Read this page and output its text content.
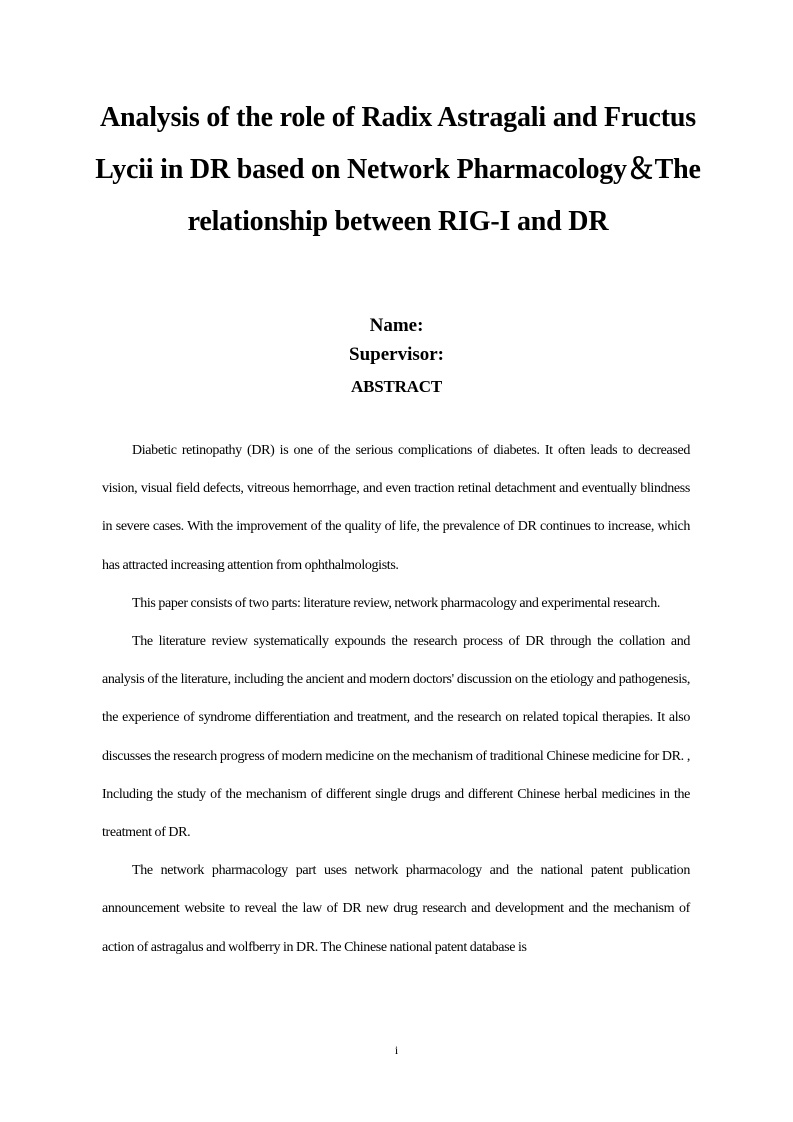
Analysis of the role of Radix Astragali and Fructus Lycii in DR based on Network Pharmacology＆The relationship between RIG-I and DR

Name:

Supervisor:

ABSTRACT

Diabetic retinopathy (DR) is one of the serious complications of diabetes. It often leads to decreased vision, visual field defects, vitreous hemorrhage, and even traction retinal detachment and eventually blindness in severe cases. With the improvement of the quality of life, the prevalence of DR continues to increase, which has attracted increasing attention from ophthalmologists.

This paper consists of two parts: literature review, network pharmacology and experimental research.

The literature review systematically expounds the research process of DR through the collation and analysis of the literature, including the ancient and modern doctors' discussion on the etiology and pathogenesis, the experience of syndrome differentiation and treatment, and the research on related topical therapies. It also discusses the research progress of modern medicine on the mechanism of traditional Chinese medicine for DR. , Including the study of the mechanism of different single drugs and different Chinese herbal medicines in the treatment of DR.

The network pharmacology part uses network pharmacology and the national patent publication announcement website to reveal the law of DR new drug research and development and the mechanism of action of astragalus and wolfberry in DR. The Chinese national patent database is

i
